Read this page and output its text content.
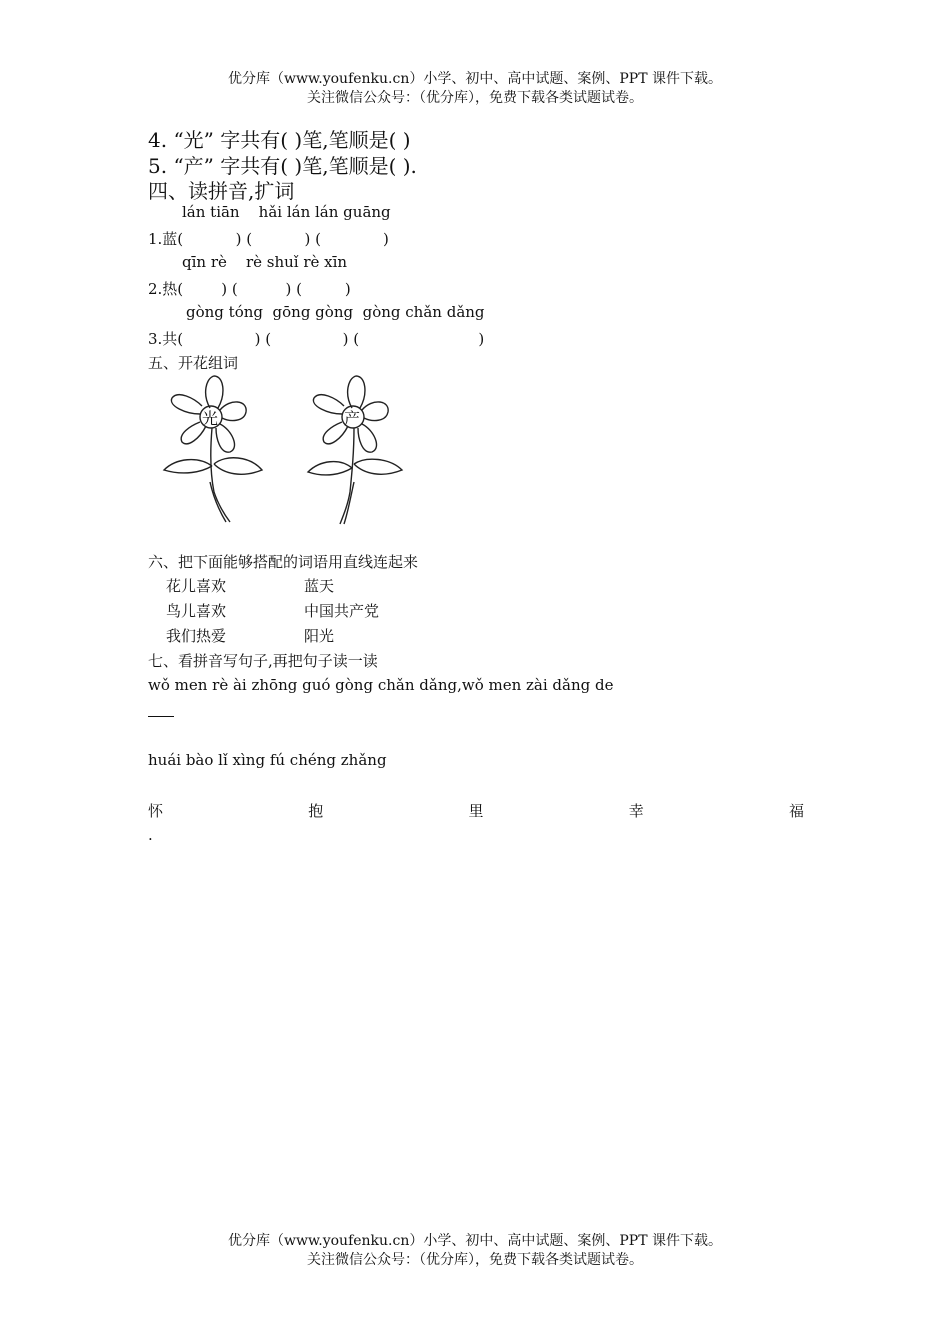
优分库（www.youfenku.cn）小学、初中、高中试题、案例、PPT 课件下载。
关注微信公众号：（优分库），免费下载各类试题试卷。
4. “光” 字共有( )笔,笔顺是( )
5. “产” 字共有( )笔,笔顺是( ).
四、读拼音,扩词
lán tiān    hǎi lán lán guāng
1.蓝(           ) (           ) (             )
qīn rè    rè shuǐ rè xīn
2.热(        ) (          ) (         )
gòng tóng  gōng gòng  gòng chǎn dǎng
3.共(               ) (               ) (                         )
五、开花组词
光	产
六、把下面能够搭配的词语用直线连起来
花儿喜欢	蓝天
鸟儿喜欢	中国共产党
我们热爱	阳光
七、看拼音写句子,再把句子读一读
wǒ men rè ài zhōng guó gòng chǎn dǎng,wǒ men zài dǎng de
huái bào lǐ xìng fú chéng zhǎng
怀	抱	里	幸	福
.
优分库（www.youfenku.cn）小学、初中、高中试题、案例、PPT 课件下载。
关注微信公众号：（优分库），免费下载各类试题试卷。
